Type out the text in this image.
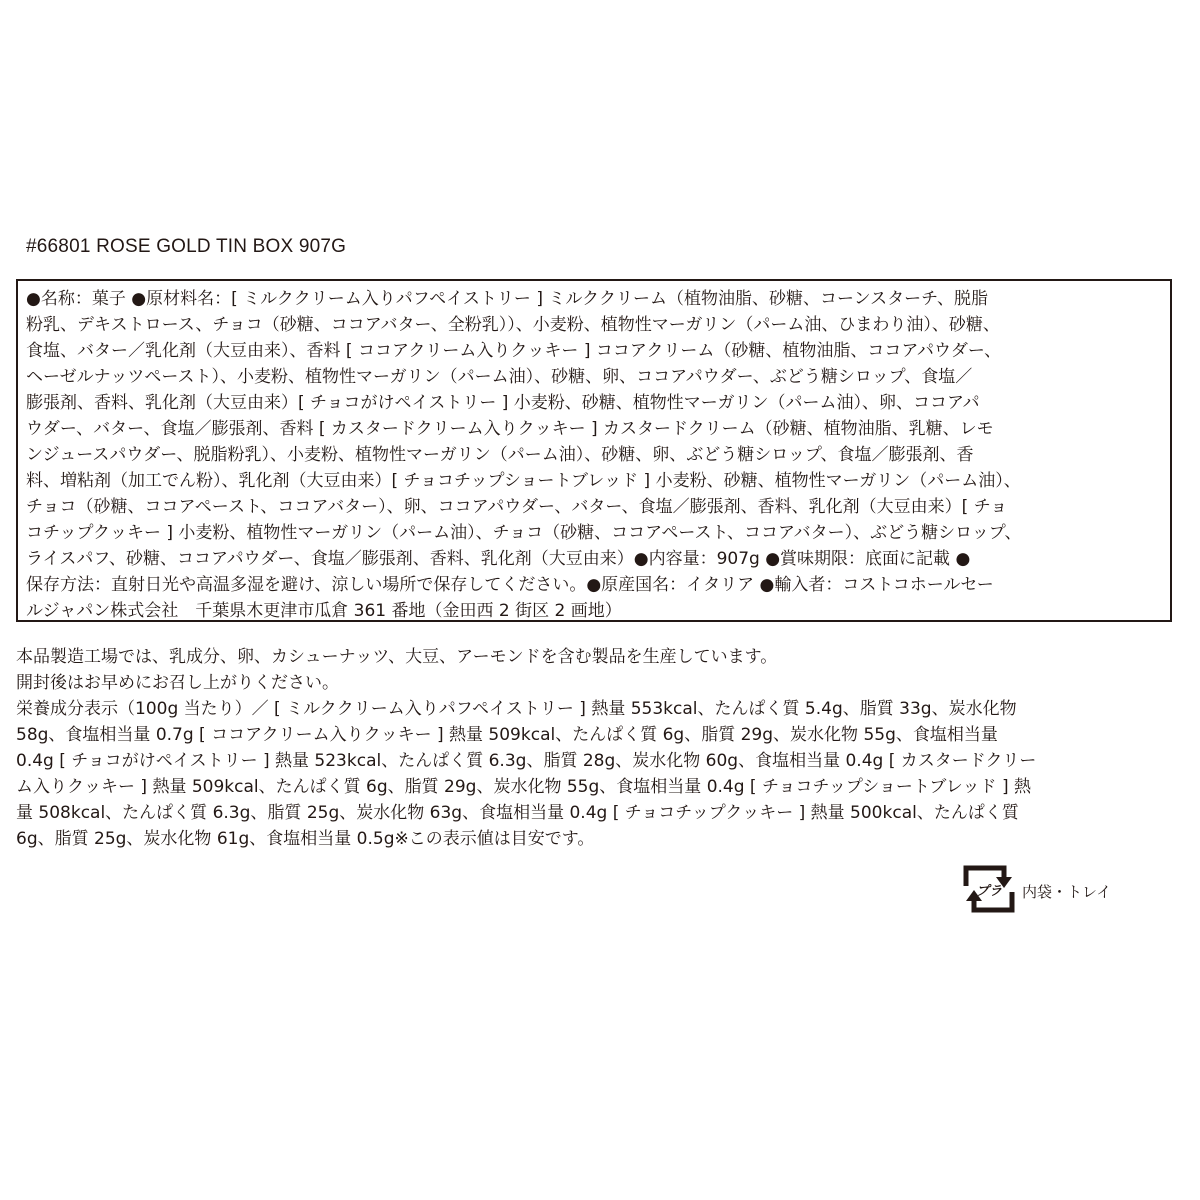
#66801 ROSE GOLD TIN BOX 907G
●名称：菓子 ●原材料名：[ ミルククリーム入りパフペイストリー ] ミルククリーム（植物油脂、砂糖、コーンスターチ、脱脂
粉乳、デキストロース、チョコ（砂糖、ココアバター、全粉乳））、小麦粉、植物性マーガリン（パーム油、ひまわり油）、砂糖、
食塩、バター／乳化剤（大豆由来）、香料 [ ココアクリーム入りクッキー ] ココアクリーム（砂糖、植物油脂、ココアパウダー、
ヘーゼルナッツペースト）、小麦粉、植物性マーガリン（パーム油）、砂糖、卵、ココアパウダー、ぶどう糖シロップ、食塩／
膨張剤、香料、乳化剤（大豆由来）[ チョコがけペイストリー ] 小麦粉、砂糖、植物性マーガリン（パーム油）、卵、ココアパ
ウダー、バター、食塩／膨張剤、香料 [ カスタードクリーム入りクッキー ] カスタードクリーム（砂糖、植物油脂、乳糖、レモ
ンジュースパウダー、脱脂粉乳）、小麦粉、植物性マーガリン（パーム油）、砂糖、卵、ぶどう糖シロップ、食塩／膨張剤、香
料、増粘剤（加工でん粉）、乳化剤（大豆由来）[ チョコチップショートブレッド ] 小麦粉、砂糖、植物性マーガリン（パーム油）、
チョコ（砂糖、ココアペースト、ココアバター）、卵、ココアパウダー、バター、食塩／膨張剤、香料、乳化剤（大豆由来）[ チョ
コチップクッキー ] 小麦粉、植物性マーガリン（パーム油）、チョコ（砂糖、ココアペースト、ココアバター）、ぶどう糖シロップ、
ライスパフ、砂糖、ココアパウダー、食塩／膨張剤、香料、乳化剤（大豆由来）●内容量：907g ●賞味期限：底面に記載 ●
保存方法：直射日光や高温多湿を避け、涼しい場所で保存してください。●原産国名：イタリア ●輸入者：コストコホールセー
ルジャパン株式会社　千葉県木更津市瓜倉 361 番地（金田西 2 街区 2 画地）
本品製造工場では、乳成分、卵、カシューナッツ、大豆、アーモンドを含む製品を生産しています。
開封後はお早めにお召し上がりください。
栄養成分表示（100g 当たり）／ [ ミルククリーム入りパフペイストリー ] 熱量 553kcal、たんぱく質 5.4g、脂質 33g、炭水化物
58g、食塩相当量 0.7g [ ココアクリーム入りクッキー ] 熱量 509kcal、たんぱく質 6g、脂質 29g、炭水化物 55g、食塩相当量
0.4g [ チョコがけペイストリー ] 熱量 523kcal、たんぱく質 6.3g、脂質 28g、炭水化物 60g、食塩相当量 0.4g [ カスタードクリー
ム入りクッキー ] 熱量 509kcal、たんぱく質 6g、脂質 29g、炭水化物 55g、食塩相当量 0.4g [ チョコチップショートブレッド ] 熱
量 508kcal、たんぱく質 6.3g、脂質 25g、炭水化物 63g、食塩相当量 0.4g [ チョコチップクッキー ] 熱量 500kcal、たんぱく質
6g、脂質 25g、炭水化物 61g、食塩相当量 0.5g※この表示値は目安です。
プラ 内袋・トレイ
